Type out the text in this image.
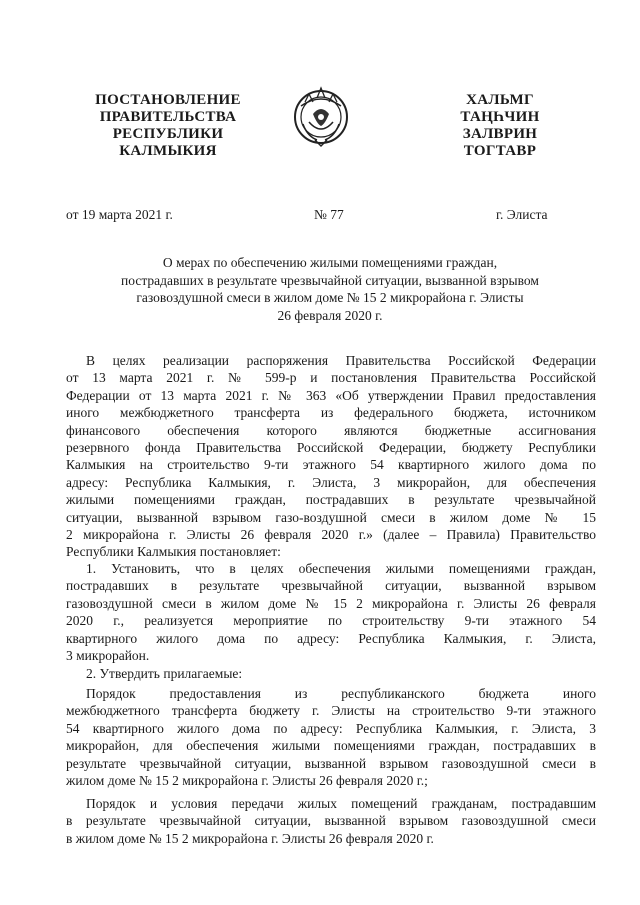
ПОСТАНОВЛЕНИЕ
ПРАВИТЕЛЬСТВА
РЕСПУБЛИКИ
КАЛМЫКИЯ
ХАЛЬМГ
ТАҢҺЧИН
ЗАЛВРИН
ТОГТАВР
от 19 марта 2021 г.	№ 77	г. Элиста
О мерах по обеспечению жилыми помещениями граждан,
пострадавших в результате чрезвычайной ситуации, вызванной взрывом
газовоздушной смеси в жилом доме № 15 2 микрорайона г. Элисты
26 февраля 2020 г.
В целях реализации распоряжения Правительства Российской Федерации
от 13 марта 2021 г. № 599-р и постановления Правительства Российской
Федерации от 13 марта 2021 г. № 363 «Об утверждении Правил предоставления
иного межбюджетного трансферта из федерального бюджета, источником
финансового обеспечения которого являются бюджетные ассигнования
резервного фонда Правительства Российской Федерации, бюджету Республики
Калмыкия на строительство 9-ти этажного 54 квартирного жилого дома по
адресу: Республика Калмыкия, г. Элиста, 3 микрорайон, для обеспечения
жилыми помещениями граждан, пострадавших в результате чрезвычайной
ситуации, вызванной взрывом газо-воздушной смеси в жилом доме № 15
2 микрорайона г. Элисты 26 февраля 2020 г.» (далее – Правила) Правительство
Республики Калмыкия постановляет:
1. Установить, что в целях обеспечения жилыми помещениями граждан,
пострадавших в результате чрезвычайной ситуации, вызванной взрывом
газовоздушной смеси в жилом доме № 15 2 микрорайона г. Элисты 26 февраля
2020 г., реализуется мероприятие по строительству 9-ти этажного 54
квартирного жилого дома по адресу: Республика Калмыкия, г. Элиста,
3 микрорайон.
2. Утвердить прилагаемые:
Порядок предоставления из республиканского бюджета иного
межбюджетного трансферта бюджету г. Элисты на строительство 9-ти этажного
54 квартирного жилого дома по адресу: Республика Калмыкия, г. Элиста, 3
микрорайон, для обеспечения жилыми помещениями граждан, пострадавших в
результате чрезвычайной ситуации, вызванной взрывом газовоздушной смеси в
жилом доме № 15 2 микрорайона г. Элисты 26 февраля 2020 г.;
Порядок и условия передачи жилых помещений гражданам, пострадавшим
в результате чрезвычайной ситуации, вызванной взрывом газовоздушной смеси
в жилом доме № 15 2 микрорайона г. Элисты 26 февраля 2020 г.
